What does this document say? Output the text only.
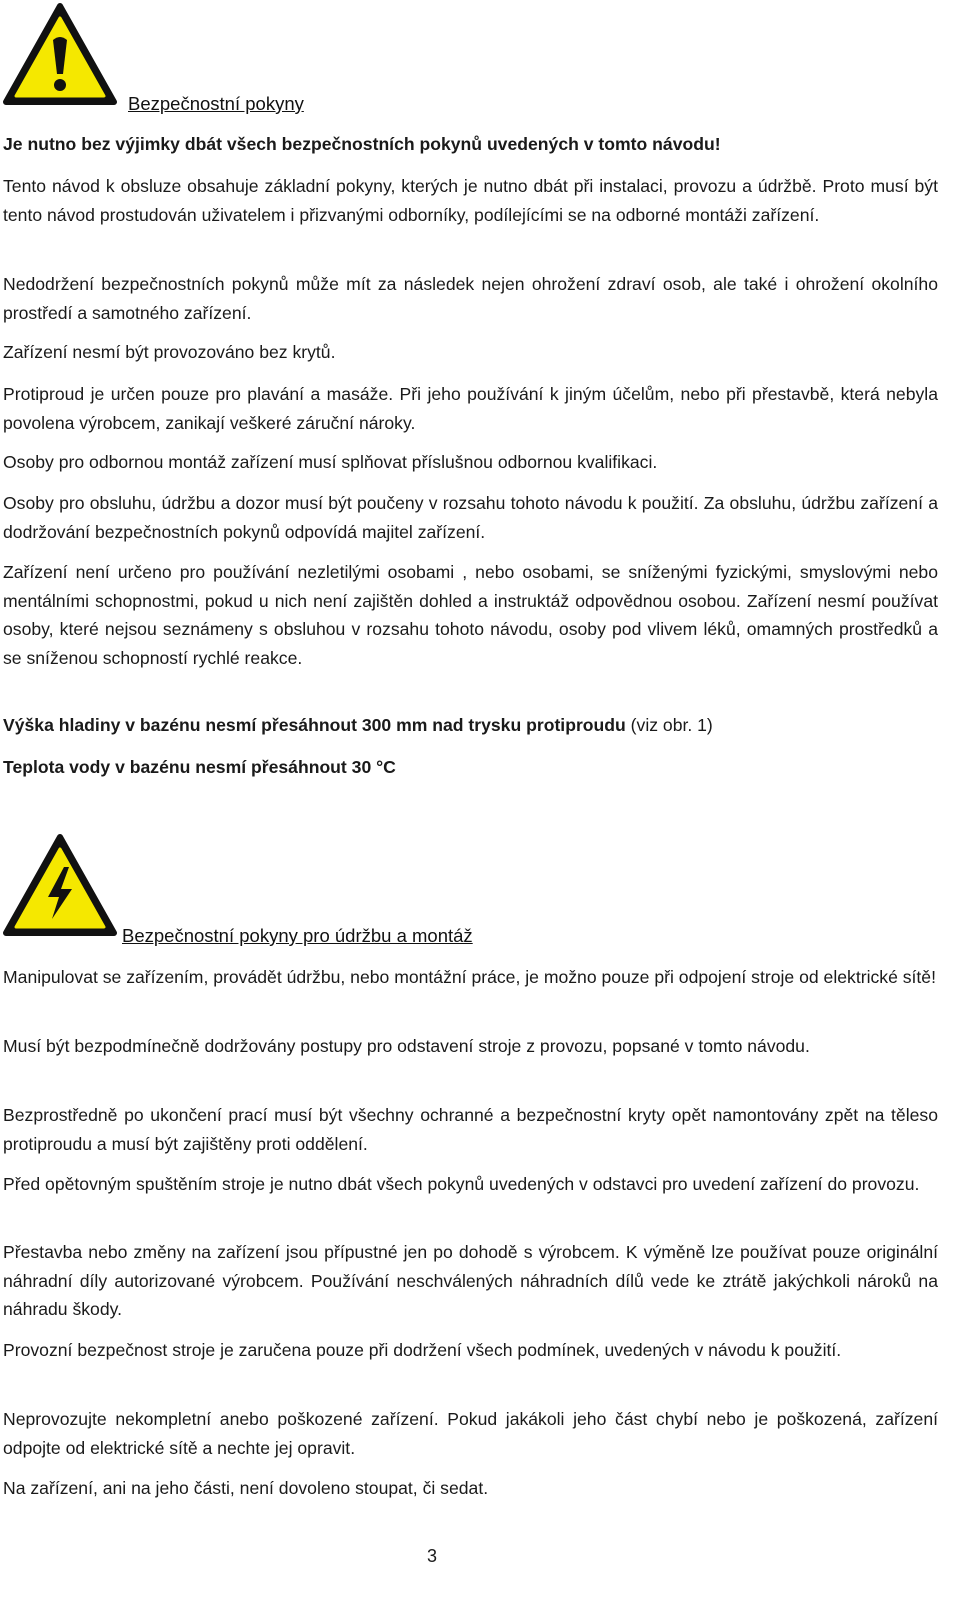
Bezpečnostní pokyny

Je nutno bez výjimky dbát všech bezpečnostních pokynů uvedených v tomto návodu!

Tento návod k obsluze obsahuje základní pokyny, kterých je nutno dbát při instalaci, provozu a údržbě. Proto musí být tento návod prostudován uživatelem i přizvanými odborníky, podílejícími se na odborné montáži zařízení.

Nedodržení bezpečnostních pokynů může mít za následek nejen ohrožení zdraví osob, ale také i ohrožení okolního prostředí a samotného zařízení.

Zařízení nesmí být provozováno bez krytů.

Protiproud je určen pouze pro plavání a masáže. Při jeho používání k jiným účelům, nebo při přestavbě, která nebyla povolena výrobcem, zanikají veškeré záruční nároky.

Osoby pro odbornou montáž zařízení musí splňovat příslušnou odbornou kvalifikaci.

Osoby pro obsluhu, údržbu a dozor musí být poučeny v rozsahu tohoto návodu k použití. Za obsluhu, údržbu zařízení a dodržování bezpečnostních pokynů odpovídá majitel zařízení.

Zařízení není určeno pro používání nezletilými osobami , nebo osobami, se sníženými fyzickými, smyslovými nebo mentálními schopnostmi, pokud u nich není zajištěn dohled a instruktáž odpovědnou osobou. Zařízení nesmí používat osoby, které nejsou seznámeny s obsluhou v rozsahu tohoto návodu, osoby pod vlivem léků, omamných prostředků a se sníženou schopností rychlé reakce.

Výška hladiny v bazénu nesmí přesáhnout 300 mm nad trysku protiproudu (viz obr. 1)

Teplota vody v bazénu nesmí přesáhnout 30 °C

Bezpečnostní pokyny pro údržbu a montáž

Manipulovat se zařízením, provádět údržbu, nebo montážní práce, je možno pouze při odpojení stroje od elektrické sítě!

Musí být bezpodmínečně dodržovány postupy pro odstavení stroje z provozu, popsané v tomto návodu.

Bezprostředně po ukončení prací musí být všechny ochranné a bezpečnostní kryty opět namontovány zpět na těleso protiproudu a musí být zajištěny proti oddělení.

Před opětovným spuštěním stroje je nutno dbát všech pokynů uvedených v odstavci pro uvedení zařízení do provozu.

Přestavba nebo změny na zařízení jsou přípustné jen po dohodě s výrobcem. K výměně lze používat pouze originální náhradní díly autorizované výrobcem. Používání neschválených náhradních dílů vede ke ztrátě jakýchkoli nároků na náhradu škody.

Provozní bezpečnost stroje je zaručena pouze při dodržení všech podmínek, uvedených v návodu k použití.

Neprovozujte nekompletní anebo poškozené zařízení. Pokud jakákoli jeho část chybí nebo je poškozená, zařízení odpojte od elektrické sítě a nechte jej opravit.

Na zařízení, ani na jeho části, není dovoleno stoupat, či sedat.

3
